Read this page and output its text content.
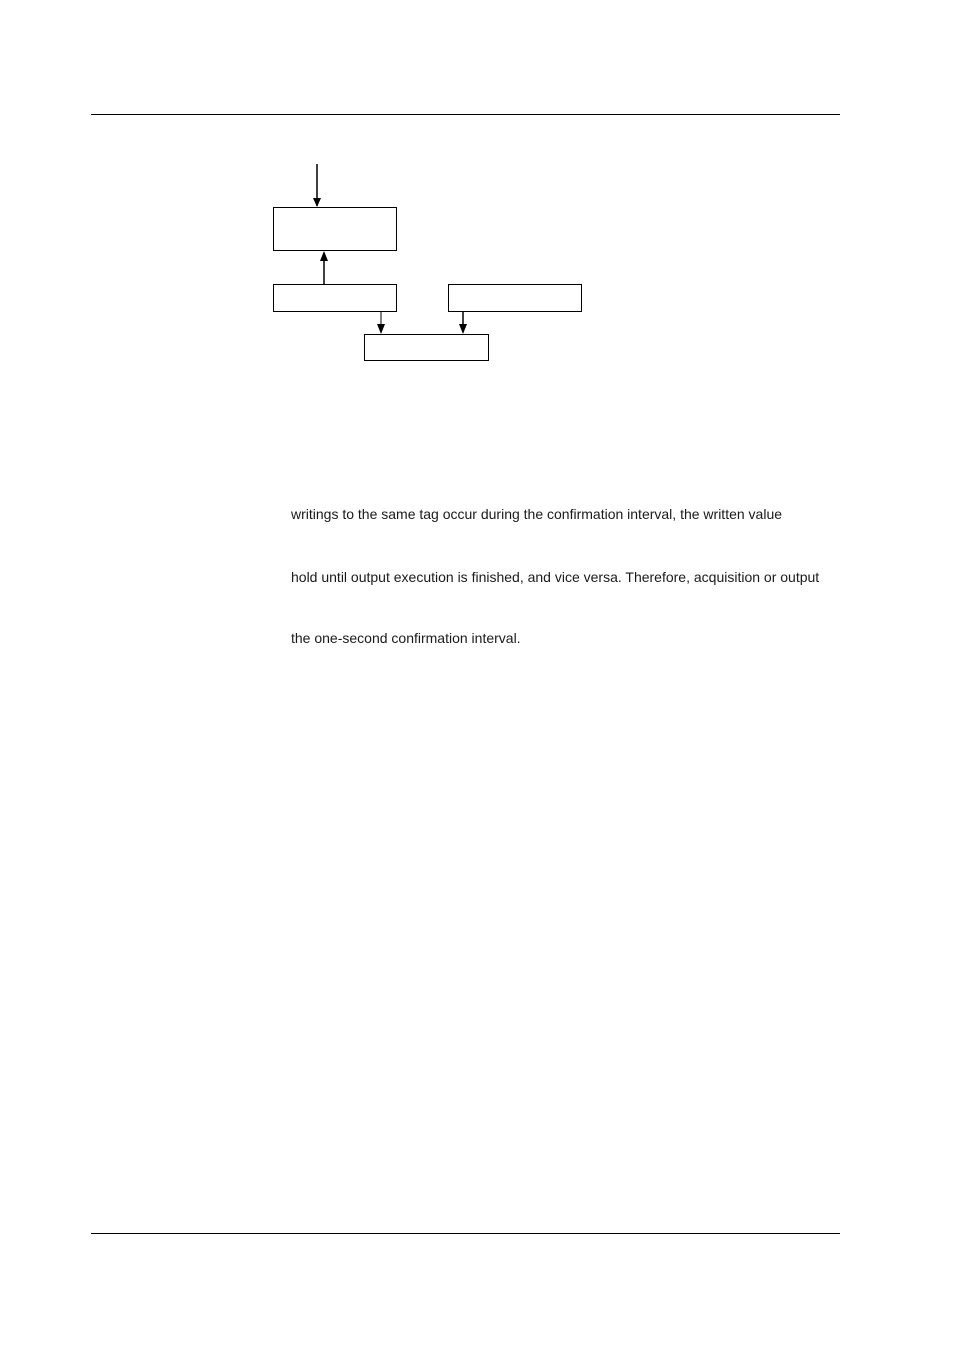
writings to the same tag occur during the confirmation interval, the written value
hold until output execution is finished, and vice versa. Therefore, acquisition or output
the one-second confirmation interval.
